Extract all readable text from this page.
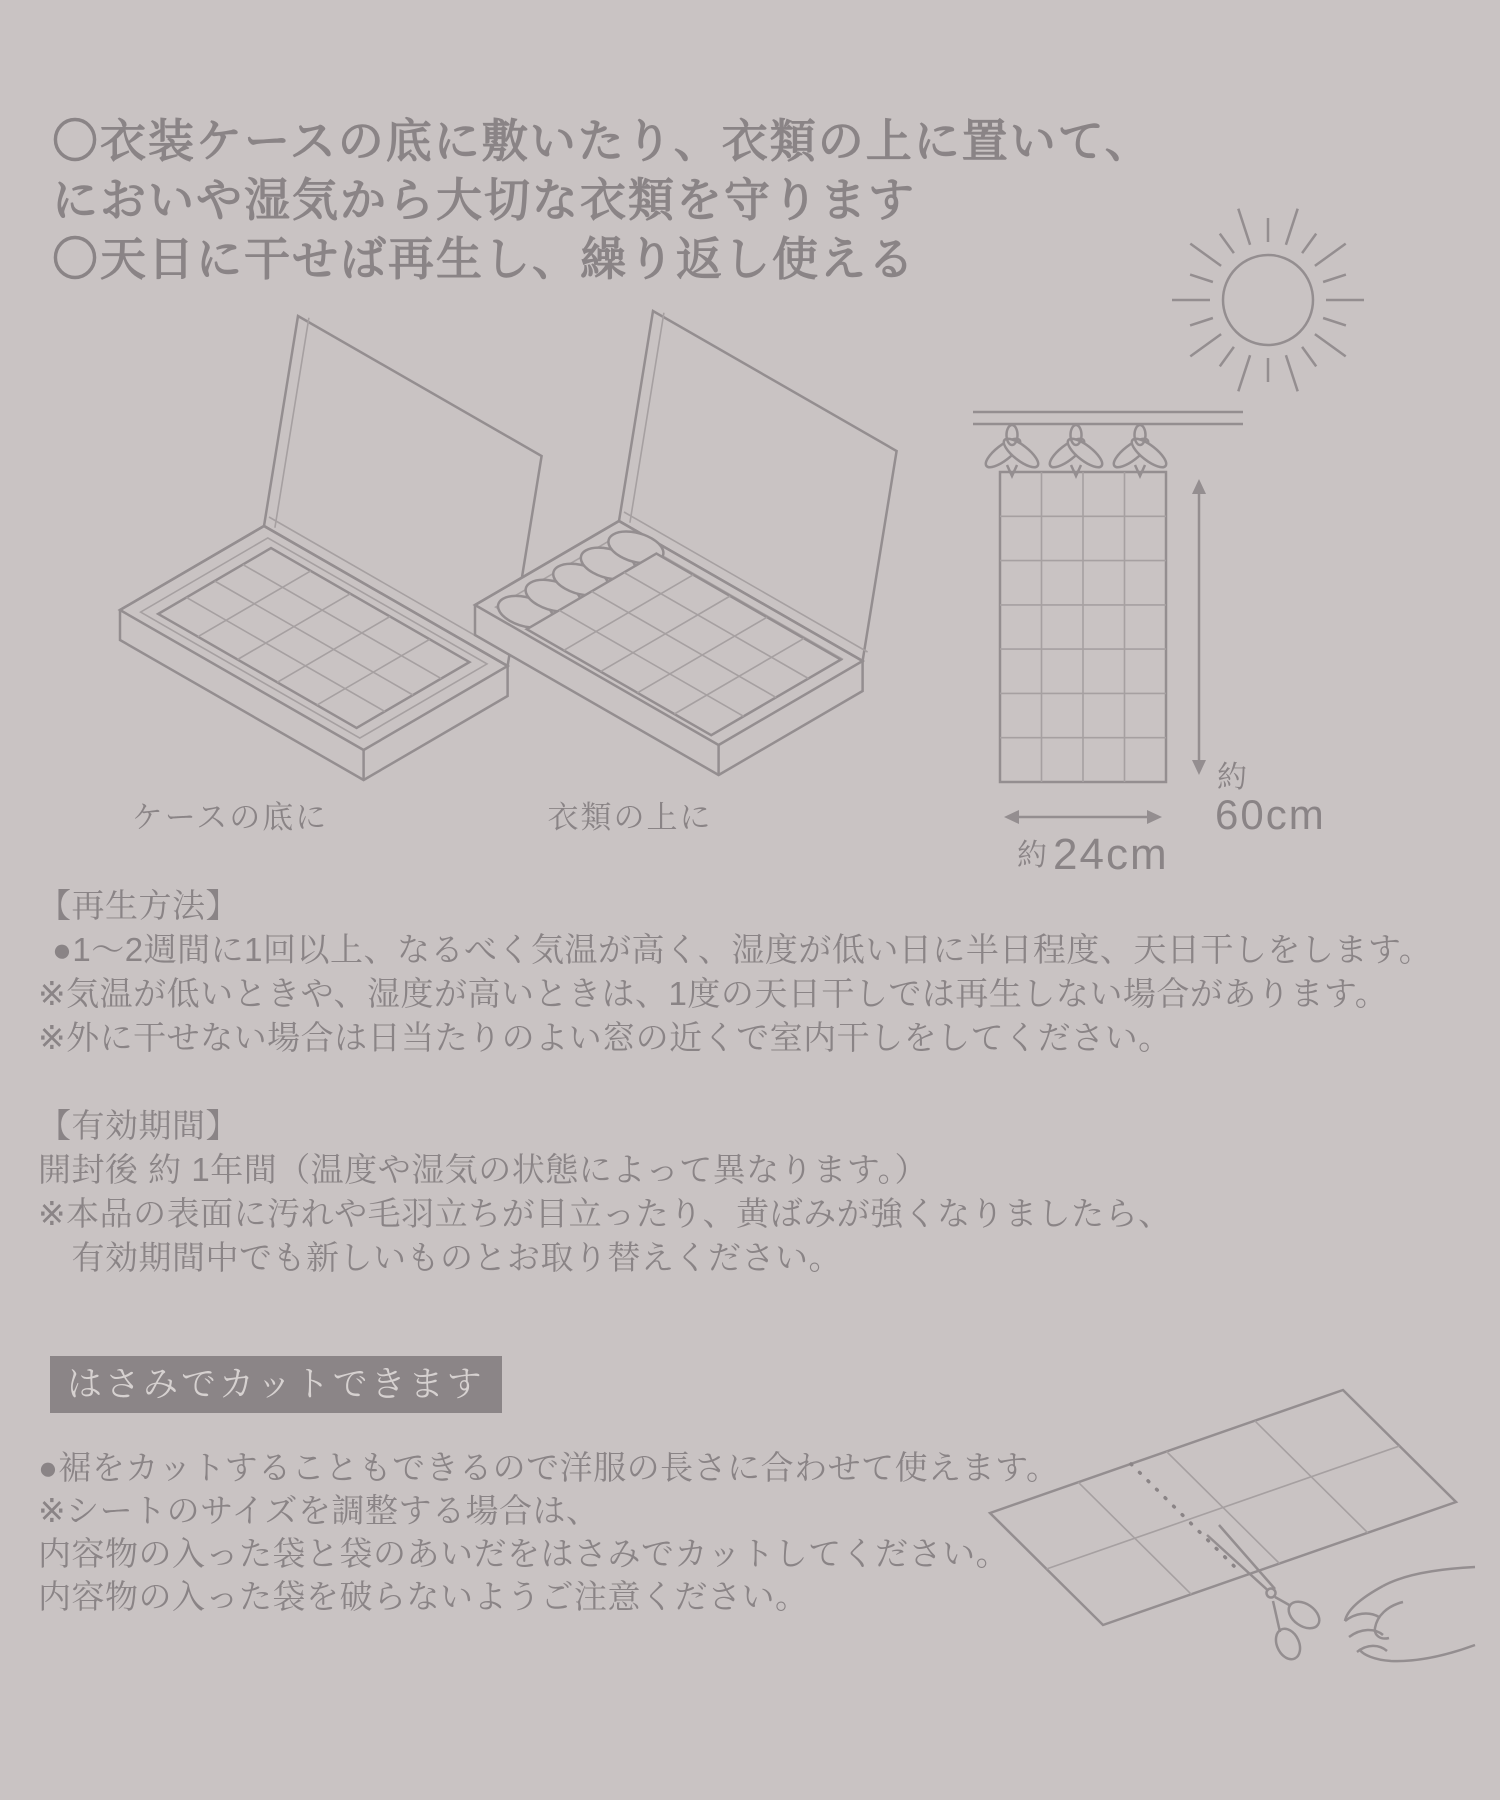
〇衣装ケースの底に敷いたり、衣類の上に置いて、
においや湿気から大切な衣類を守ります
〇天日に干せば再生し、繰り返し使える
ケースの底に	衣類の上に
約
60cm
約 24cm
【再生方法】
●1〜2週間に1回以上、なるべく気温が高く、湿度が低い日に半日程度、天日干しをします。
※気温が低いときや、湿度が高いときは、1度の天日干しでは再生しない場合があります。
※外に干せない場合は日当たりのよい窓の近くで室内干しをしてください。
【有効期間】
開封後 約 1年間（温度や湿気の状態によって異なります。）
※本品の表面に汚れや毛羽立ちが目立ったり、黄ばみが強くなりましたら、
　有効期間中でも新しいものとお取り替えください。
はさみでカットできます
●裾をカットすることもできるので洋服の長さに合わせて使えます。
※シートのサイズを調整する場合は、
内容物の入った袋と袋のあいだをはさみでカットしてください。
内容物の入った袋を破らないようご注意ください。
